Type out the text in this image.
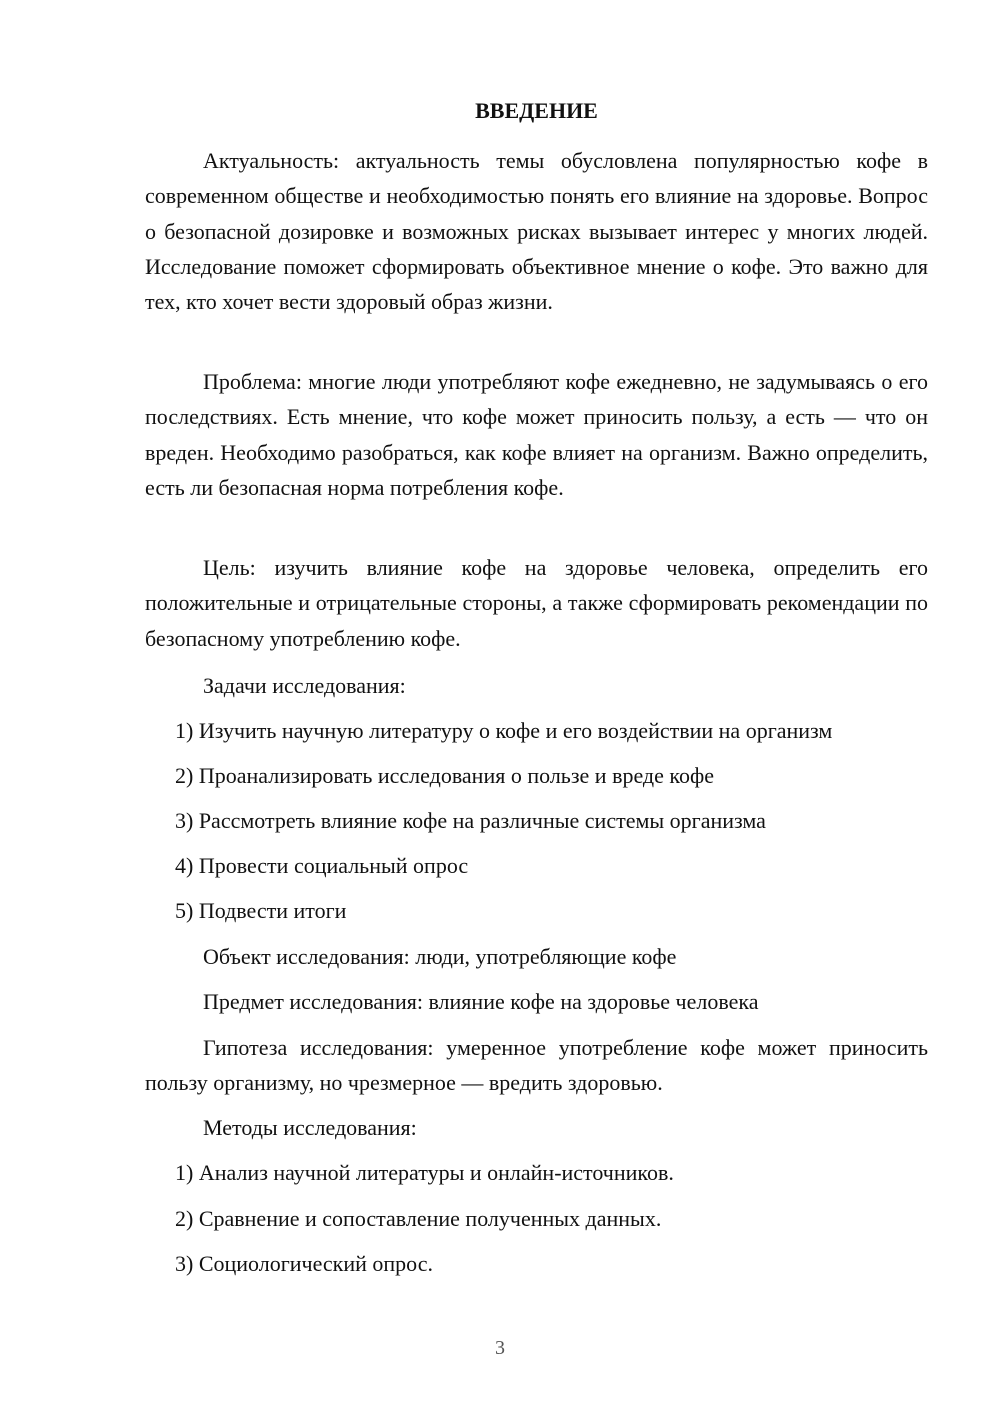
ВВЕДЕНИЕ

Актуальность: актуальность темы обусловлена популярностью кофе в современном обществе и необходимостью понять его влияние на здоровье. Вопрос о безопасной дозировке и возможных рисках вызывает интерес у многих людей. Исследование поможет сформировать объективное мнение о кофе. Это важно для тех, кто хочет вести здоровый образ жизни.

Проблема: многие люди употребляют кофе ежедневно, не задумываясь о его последствиях. Есть мнение, что кофе может приносить пользу, а есть — что он вреден. Необходимо разобраться, как кофе влияет на организм. Важно определить, есть ли безопасная норма потребления кофе.

Цель: изучить влияние кофе на здоровье человека, определить его положительные и отрицательные стороны, а также сформировать рекомендации по безопасному употреблению кофе.

Задачи исследования:

1) Изучить научную литературу о кофе и его воздействии на организм

2) Проанализировать исследования о пользе и вреде кофе

3) Рассмотреть влияние кофе на различные системы организма

4) Провести социальный опрос

5) Подвести итоги

Объект исследования: люди, употребляющие кофе

Предмет исследования: влияние кофе на здоровье человека

Гипотеза исследования: умеренное употребление кофе может приносить пользу организму, но чрезмерное — вредить здоровью.

Методы исследования:

1) Анализ научной литературы и онлайн-источников.

2) Сравнение и сопоставление полученных данных.

3) Социологический опрос.

3
